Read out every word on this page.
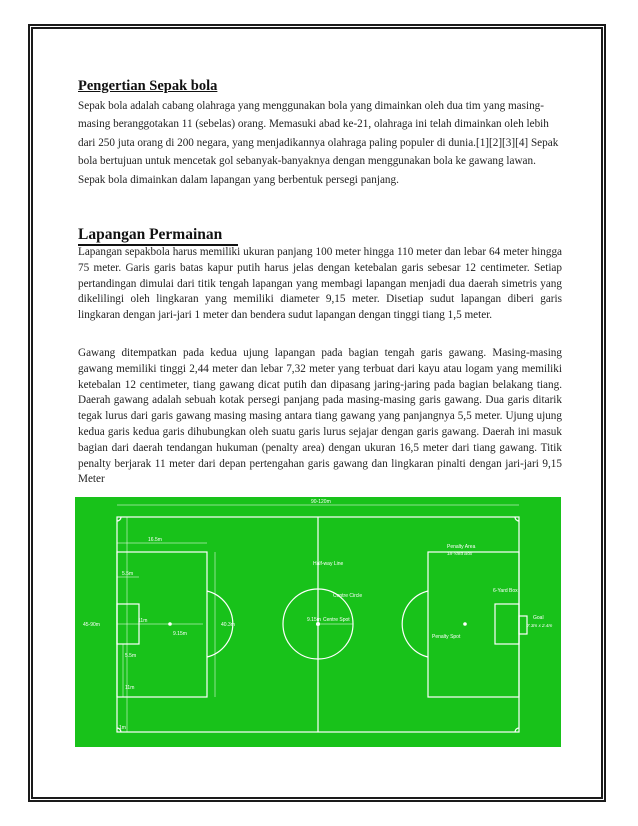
Pengertian Sepak bola

Sepak bola adalah cabang olahraga yang menggunakan bola yang dimainkan oleh dua tim yang masing-masing beranggotakan 11 (sebelas) orang. Memasuki abad ke-21, olahraga ini telah dimainkan oleh lebih dari 250 juta orang di 200 negara, yang menjadikannya olahraga paling populer di dunia.[1][2][3][4] Sepak bola bertujuan untuk mencetak gol sebanyak-banyaknya dengan menggunakan bola ke gawang lawan. Sepak bola dimainkan dalam lapangan yang berbentuk persegi panjang.

Lapangan Permainan

Lapangan sepakbola harus memiliki ukuran panjang 100 meter hingga 110 meter dan lebar 64 meter hingga 75 meter. Garis garis batas kapur putih harus jelas dengan ketebalan garis sebesar 12 centimeter. Setiap pertandingan dimulai dari titik tengah lapangan yang membagi lapangan menjadi dua daerah simetris yang dikelilingi oleh lingkaran yang memiliki diameter 9,15 meter. Disetiap sudut lapangan diberi garis lingkaran dengan jari-jari 1 meter dan bendera sudut lapangan dengan tinggi tiang 1,5 meter.

Gawang ditempatkan pada kedua ujung lapangan pada bagian tengah garis gawang. Masing-masing gawang memiliki tinggi 2,44 meter dan lebar 7,32 meter yang terbuat dari kayu atau logam yang memiliki ketebalan 12 centimeter, tiang gawang dicat putih dan dipasang jaring-jaring pada bagian belakang tiang. Daerah gawang adalah sebuah kotak persegi panjang pada masing-masing garis gawang. Dua garis ditarik tegak lurus dari garis gawang masing masing antara tiang gawang yang panjangnya 5,5 meter. Ujung ujung kedua garis kedua garis dihubungkan oleh suatu garis lurus sejajar dengan garis gawang. Daerah ini masuk bagian dari daerah tendangan hukuman (penalty area) dengan ukuran 16,5 meter dari tiang gawang. Titik penalty berjarak 11 meter dari depan pertengahan garis gawang dan lingkaran pinalti dengan jari-jari 9,15 Meter

90-120m
16.5m
5.5m
11m
9.15m
45-90m	40.3m
5.5m
11m
1m
Half-way Line
Centre Circle
9.15m Centre Spot
Penalty Area
18-Yard Box
6-Yard Box
Penalty Spot
Goal
7.3m x 2.4m
